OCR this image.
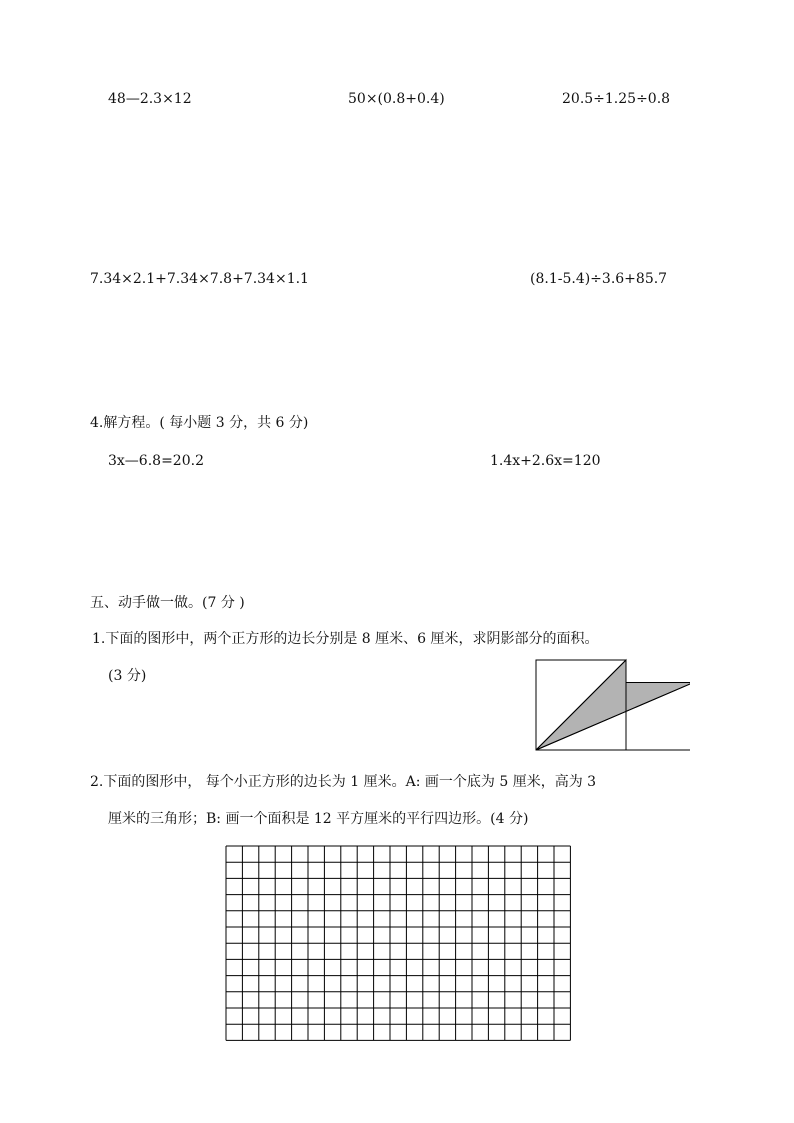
48—2.3×12	50×(0.8+0.4)	20.5÷1.25÷0.8
7.34×2.1+7.34×7.8+7.34×1.1	(8.1-5.4)÷3.6+85.7
4.解方程。( 每小题 3 分，共 6 分)
3x—6.8=20.2	1.4x+2.6x=120
五、动手做一做。(7 分 )
1.下面的图形中，两个正方形的边长分别是 8 厘米、6 厘米，求阴影部分的面积。
(3 分)
2.下面的图形中， 每个小正方形的边长为 1 厘米。A: 画一个底为 5 厘米，高为 3
厘米的三角形；B: 画一个面积是 12 平方厘米的平行四边形。(4 分)
